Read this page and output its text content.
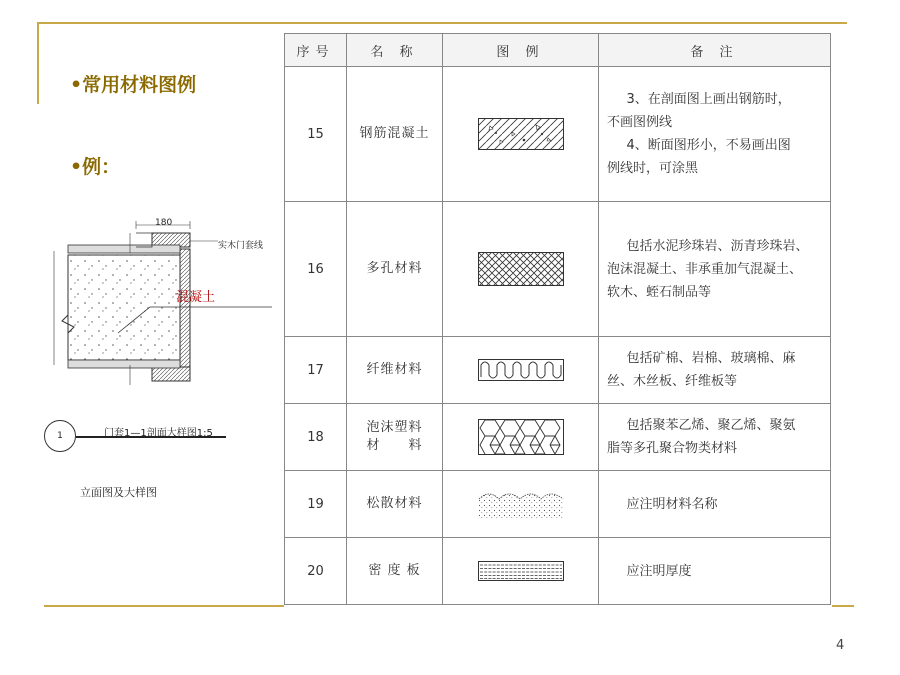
•常用材料图例
•例：
180
实木门套线
混凝土
1	门套1—1剖面大样图1:5
立面图及大样图
序号	名 称	图 例	备 注
15	钢筋混凝土		3、在剖面图上画出钢筋时，
不画图例线
4、断面图形小，不易画出图
例线时，可涂黑

16	多孔材料		包括水泥珍珠岩、沥青珍珠岩、
泡沫混凝土、非承重加气混凝土、
软木、蛭石制品等

17	纤维材料		包括矿棉、岩棉、玻璃棉、麻
丝、木丝板、纤维板等

18	泡沫塑料
材　　料		包括聚苯乙烯、聚乙烯、聚氨
脂等多孔聚合物类材料

19	松散材料		应注明材料名称

20	密 度 板		应注明厚度
4
